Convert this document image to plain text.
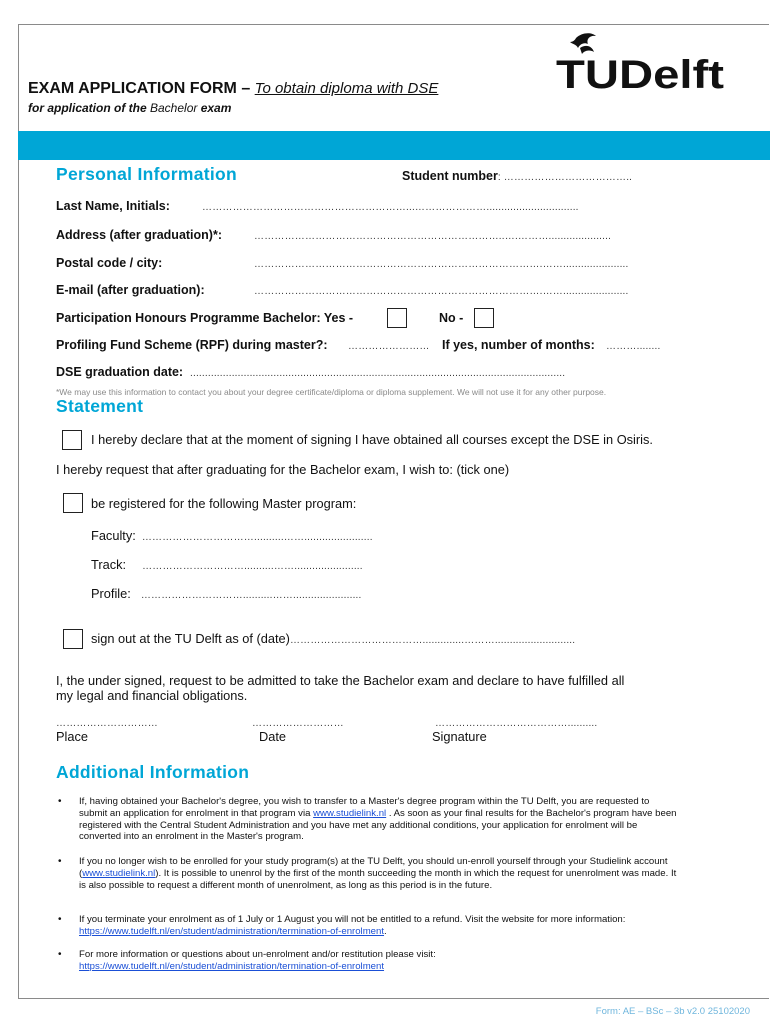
EXAM APPLICATION FORM – To obtain diploma with DSE
for application of the Bachelor exam
TUDelft
Personal Information	Student number: ………………………………..
Last Name, Initials:	……………………………………………………...…………………...............................
Address (after graduation)*:	………………………………………………………………..….……….....................
Postal code / city:	………………………………………………………………………….……......................
E-mail (after graduation):	………………………………………………………………………….……......................
Participation Honours Programme Bachelor: Yes -	No -
Profiling Fund Scheme (RPF) during master?: …………………… If yes, number of months: ………........
DSE graduation date: ..............................................................................................................................
*We may use this information to contact you about your degree certificate/diploma or diploma supplement. We will not use it for any other purpose.
Statement
I hereby declare that at the moment of signing I have obtained all courses except the DSE in Osiris.
I hereby request that after graduating for the Bachelor exam, I wish to: (tick one)
be registered for the following Master program:
Faculty: ……………………………..........…….......................
Track: …………………………..........…….......................
Profile: …………………………..........…….......................
sign out at the TU Delft as of (date)…………………………………..............………...........................
I, the under signed, request to be admitted to take the Bachelor exam and declare to have fulfilled all
my legal and financial obligations.
…………………………	………………………	…………………………………..........
Place	Date	Signature
Additional Information
• If, having obtained your Bachelor's degree, you wish to transfer to a Master's degree program within the TU Delft, you are requested to submit an application for enrolment in that program via www.studielink.nl . As soon as your final results for the Bachelor's program have been registered with the Central Student Administration and you have met any additional conditions, your application for enrolment will be converted into an enrolment in the Master's program.
• If you no longer wish to be enrolled for your study program(s) at the TU Delft, you should un-enroll yourself through your Studielink account (www.studielink.nl). It is possible to unenrol by the first of the month succeeding the month in which the request for unenrolment was made. It is also possible to request a different month of unenrolment, as long as this period is in the future.
• If you terminate your enrolment as of 1 July or 1 August you will not be entitled to a refund. Visit the website for more information: https://www.tudelft.nl/en/student/administration/termination-of-enrolment.
• For more information or questions about un-enrolment and/or restitution please visit:
https://www.tudelft.nl/en/student/administration/termination-of-enrolment
Form: AE – BSc – 3b v2.0 25102020
